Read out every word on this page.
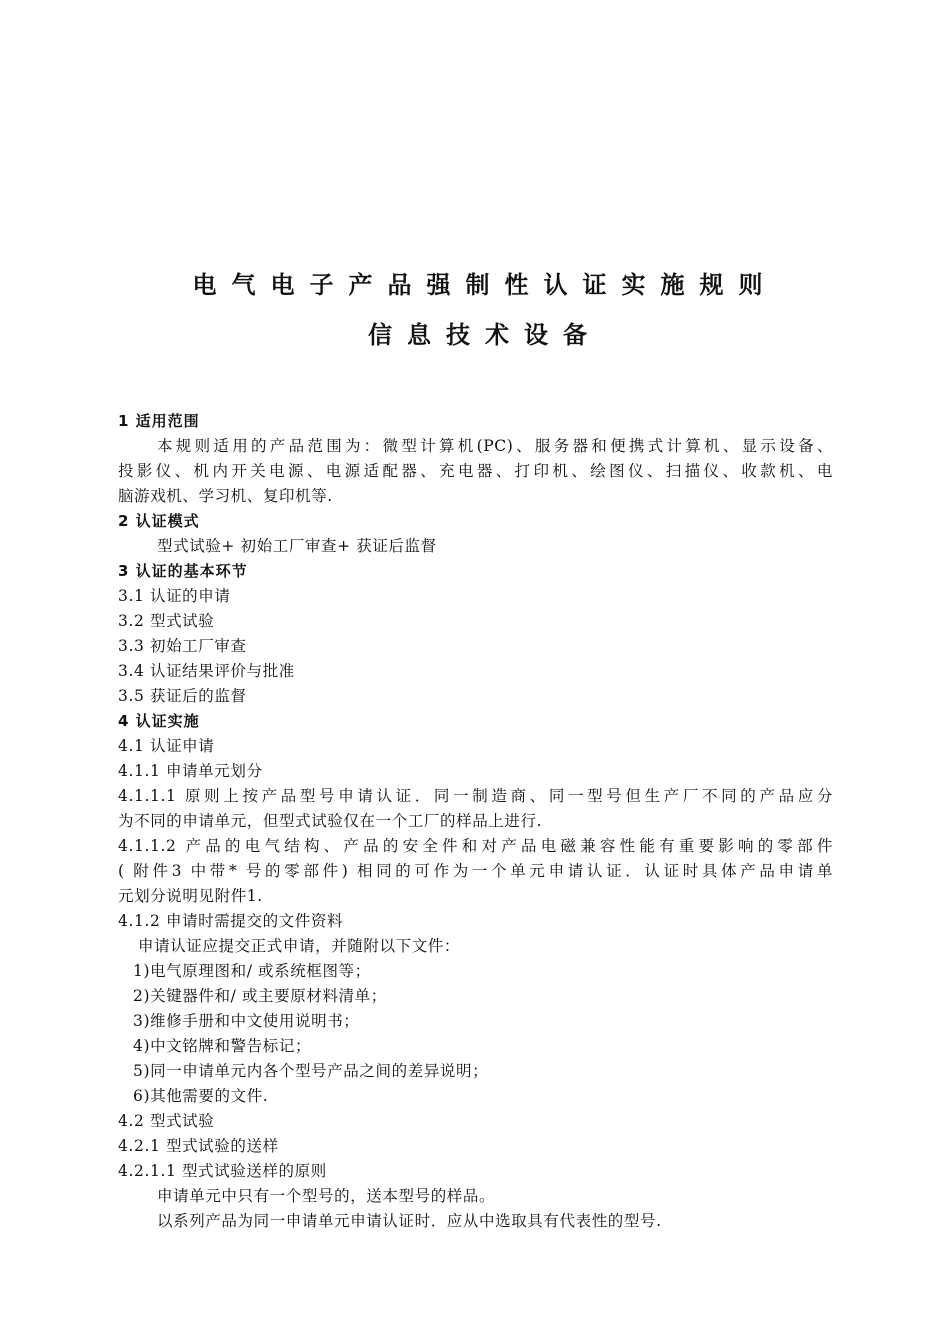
电气电子产品强制性认证实施规则
信息技术设备
1 适用范围
本规则适用的产品范围为：微型计算机(PC)、服务器和便携式计算机、显示设备、
投影仪、机内开关电源、电源适配器、充电器、打印机、绘图仪、扫描仪、收款机、电
脑游戏机、学习机、复印机等.
2 认证模式
型式试验+ 初始工厂审查+ 获证后监督
3 认证的基本环节
3.1 认证的申请
3.2 型式试验
3.3 初始工厂审查
3.4 认证结果评价与批准
3.5 获证后的监督
4 认证实施
4.1 认证申请
4.1.1 申请单元划分
4.1.1.1 原则上按产品型号申请认证．同一制造商、同一型号但生产厂不同的产品应分
为不同的申请单元，但型式试验仅在一个工厂的样品上进行.
4.1.1.2 产品的电气结构、产品的安全件和对产品电磁兼容性能有重要影响的零部件
( 附件3 中带* 号的零部件) 相同的可作为一个单元申请认证．认证时具体产品申请单
元划分说明见附件1.
4.1.2 申请时需提交的文件资料
申请认证应提交正式申请，并随附以下文件：
1)电气原理图和/ 或系统框图等；
2)关键器件和/ 或主要原材料清单；
3)维修手册和中文使用说明书；
4)中文铭牌和警告标记；
5)同一申请单元内各个型号产品之间的差异说明；
6)其他需要的文件.
4.2 型式试验
4.2.1 型式试验的送样
4.2.1.1 型式试验送样的原则
申请单元中只有一个型号的，送本型号的样品。
以系列产品为同一申请单元申请认证时．应从中选取具有代表性的型号.
